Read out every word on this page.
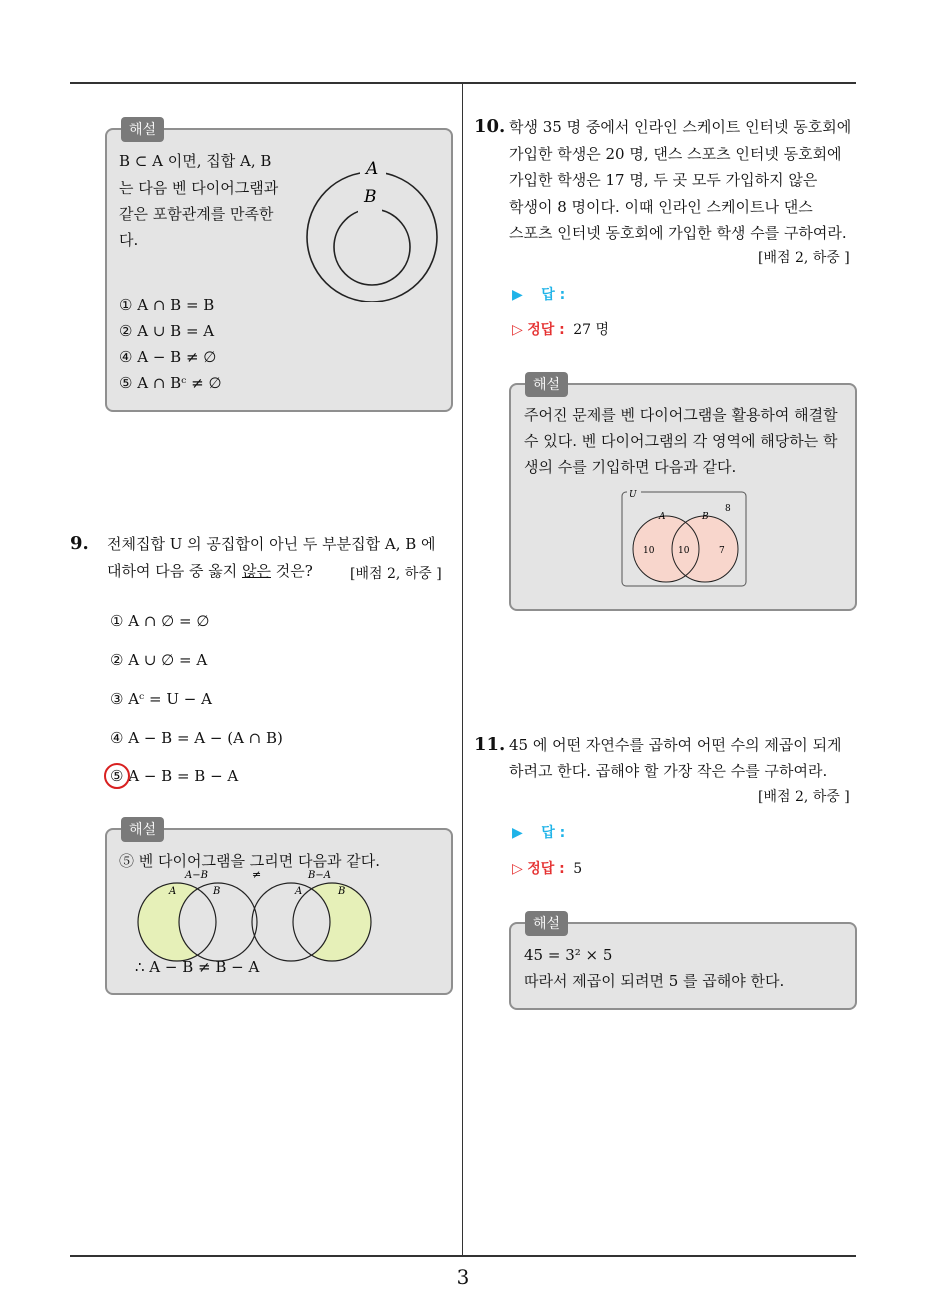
해설
B ⊂ A 이면, 집합 A, B
는 다음 벤 다이어그램과
같은 포함관계를 만족한
다.
A
B
① A ∩ B = B
② A ∪ B = A
④ A − B ≠ ∅
⑤ A ∩ Bᶜ ≠ ∅
9. 전체집합 U 의 공집합이 아닌 두 부분집합 A, B 에
대하여 다음 중 옳지 않은 것은?	[배점 2, 하중 ]
① A ∩ ∅ = ∅
② A ∪ ∅ = A
③ Aᶜ = U − A
④ A − B = A − (A ∩ B)
⑤ A − B = B − A
해설
⑤ 벤 다이어그램을 그리면 다음과 같다.
A−B
A	B
≠	B−A
A	B
∴ A − B ≠ B − A
10. 학생 35 명 중에서 인라인 스케이트 인터넷 동호회에
가입한 학생은 20 명, 댄스 스포츠 인터넷 동호회에
가입한 학생은 17 명, 두 곳 모두 가입하지 않은
학생이 8 명이다. 이때 인라인 스케이트나 댄스
스포츠 인터넷 동호회에 가입한 학생 수를 구하여라.
[배점 2, 하중 ]
▶ 답 :
▷ 정답 : 27 명
해설
주어진 문제를 벤 다이어그램을 활용하여 해결할
수 있다. 벤 다이어그램의 각 영역에 해당하는 학
생의 수를 기입하면 다음과 같다.
U
8
A	B
10	10	7
11. 45 에 어떤 자연수를 곱하여 어떤 수의 제곱이 되게
하려고 한다. 곱해야 할 가장 작은 수를 구하여라.
[배점 2, 하중 ]
▶ 답 :
▷ 정답 : 5
해설
45 = 3² × 5
따라서 제곱이 되려면 5 를 곱해야 한다.
3
